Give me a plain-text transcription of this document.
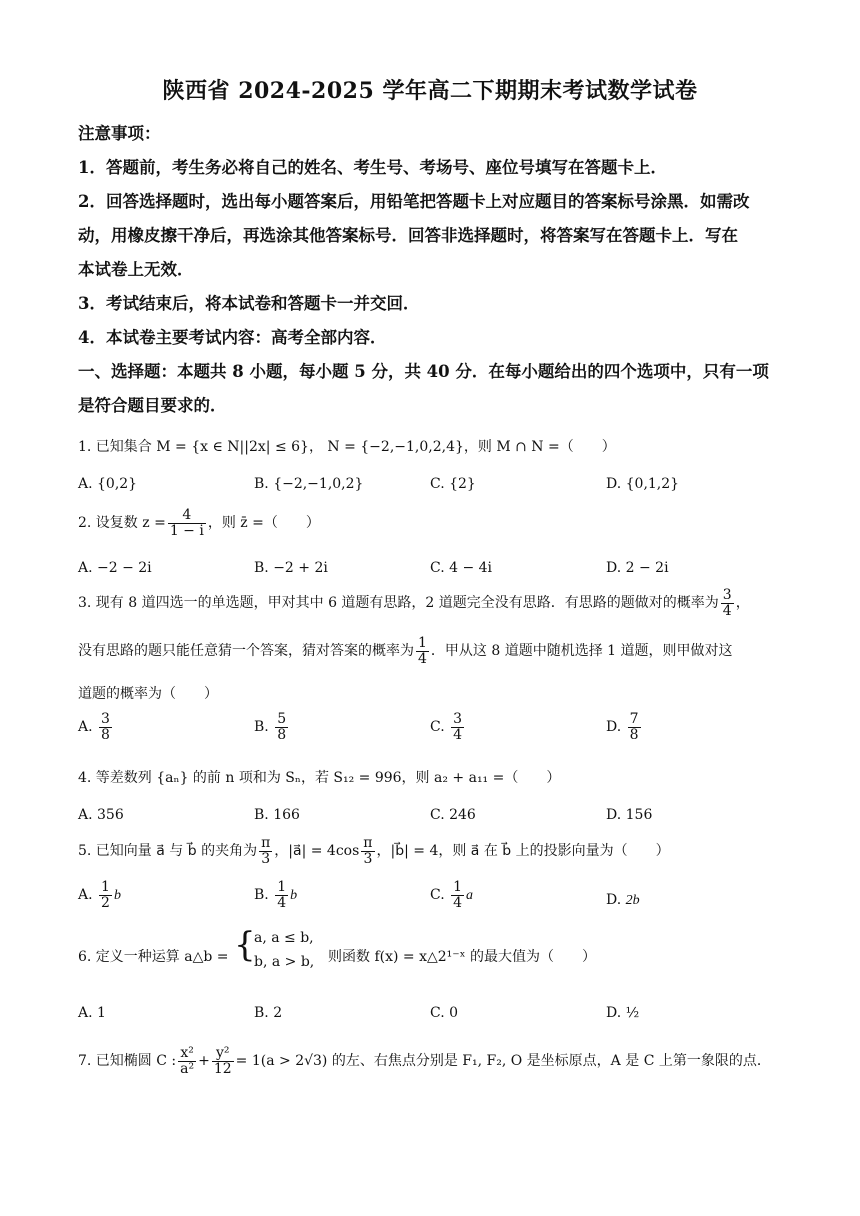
陕西省 2024-2025 学年高二下期期末考试数学试卷
注意事项：
1．答题前，考生务必将自己的姓名、考生号、考场号、座位号填写在答题卡上．
2．回答选择题时，选出每小题答案后，用铅笔把答题卡上对应题目的答案标号涂黑．如需改
动，用橡皮擦干净后，再选涂其他答案标号．回答非选择题时，将答案写在答题卡上．写在
本试卷上无效．
3．考试结束后，将本试卷和答题卡一并交回．
4．本试卷主要考试内容：高考全部内容．
一、选择题：本题共 8 小题，每小题 5 分，共 40 分．在每小题给出的四个选项中，只有一项
是符合题目要求的．
1. 已知集合 M = {x ∈ N||2x| ≤ 6}， N = {−2,−1,0,2,4}，则 M ∩ N =（　　）
A. {0,2}	B. {−2,−1,0,2}	C. {2}	D. {0,1,2}
2. 设复数 $z = \frac{4}{1 - i}$ ，则 z̄ =（　　）
A. −2 − 2i	B. −2 + 2i	C. 4 − 4i	D. 2 − 2i
3. 现有 8 道四选一的单选题，甲对其中 6 道题有思路，2 道题完全没有思路．有思路的题做对的概率为 $\frac{3}{4}$ ，
没有思路的题只能任意猜一个答案，猜对答案的概率为 $\frac{1}{4}$ ．甲从这 8 道题中随机选择 1 道题，则甲做对这
道题的概率为（　　）
A. $\frac{3}{8}$	B. $\frac{5}{8}$	C. $\frac{3}{4}$	D. $\frac{7}{8}$
4. 等差数列 {aₙ} 的前 n 项和为 Sₙ，若 S₁₂ = 996，则 a₂ + a₁₁ =（　　）
A. 356	B. 166	C. 246	D. 156
5. 已知向量 a⃗ 与 b⃗ 的夹角为 $\frac{\pi}{3}$ ，|a⃗| = $4\cos \frac{\pi}{3}$ ，|b⃗| = 4，则 a⃗ 在 b⃗ 上的投影向量为（　　）
A. $\frac{1}{2}$ b⃗	B. $\frac{1}{4}$ b⃗	C. $\frac{1}{4}$ a⃗	D. 2b⃗
6. 定义一种运算 a△b = {
a, a ≤ b,
b, a > b, 则函数 f(x) = x△2¹⁻ˣ 的最大值为（　　）
A. 1	B. 2	C. 0	D. ½
7. 已知椭圆 C : $\frac{\text{x²}}{\text{a²}} + \frac{\text{y²}}{12} = 1(a > 2√3)$ 的左、右焦点分别是 F₁, F₂, O 是坐标原点，A 是 C 上第一象限的点．
